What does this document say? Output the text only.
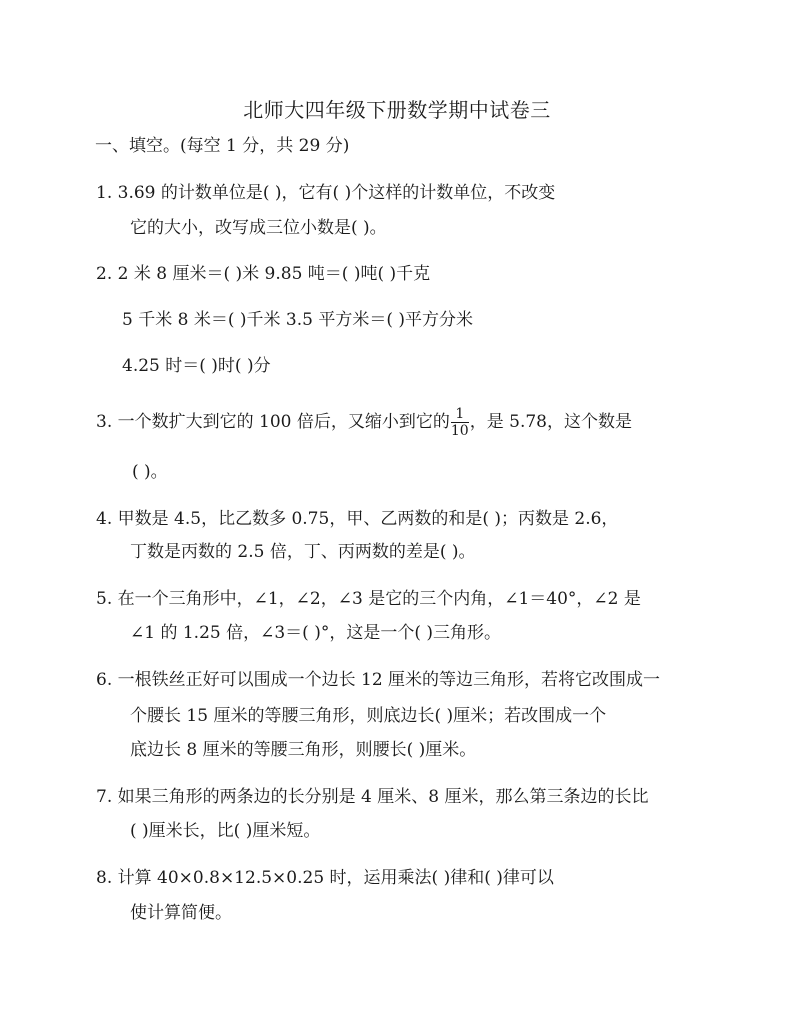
北师大四年级下册数学期中试卷三
一、填空。(每空 1 分，共 29 分)
1. 3.69 的计数单位是( )，它有( )个这样的计数单位，不改变
它的大小，改写成三位小数是( )。
2. 2 米 8 厘米＝( )米 9.85 吨＝( )吨( )千克
5 千米 8 米＝( )千米 3.5 平方米＝( )平方分米
4.25 时＝( )时( )分
3. 一个数扩大到它的 100 倍后，又缩小到它的 $\frac{1}{10}$ ，是 5.78，这个数是
( )。
4. 甲数是 4.5，比乙数多 0.75，甲、乙两数的和是( )；丙数是 2.6，
丁数是丙数的 2.5 倍，丁、丙两数的差是( )。
5. 在一个三角形中，∠1，∠2，∠3 是它的三个内角，∠1＝40°，∠2 是
∠1 的 1.25 倍，∠3＝( )°，这是一个( )三角形。
6. 一根铁丝正好可以围成一个边长 12 厘米的等边三角形，若将它改围成一
个腰长 15 厘米的等腰三角形，则底边长( )厘米；若改围成一个
底边长 8 厘米的等腰三角形，则腰长( )厘米。
7. 如果三角形的两条边的长分别是 4 厘米、8 厘米，那么第三条边的长比
( )厘米长，比( )厘米短。
8. 计算 40×0.8×12.5×0.25 时，运用乘法( )律和( )律可以
使计算简便。
